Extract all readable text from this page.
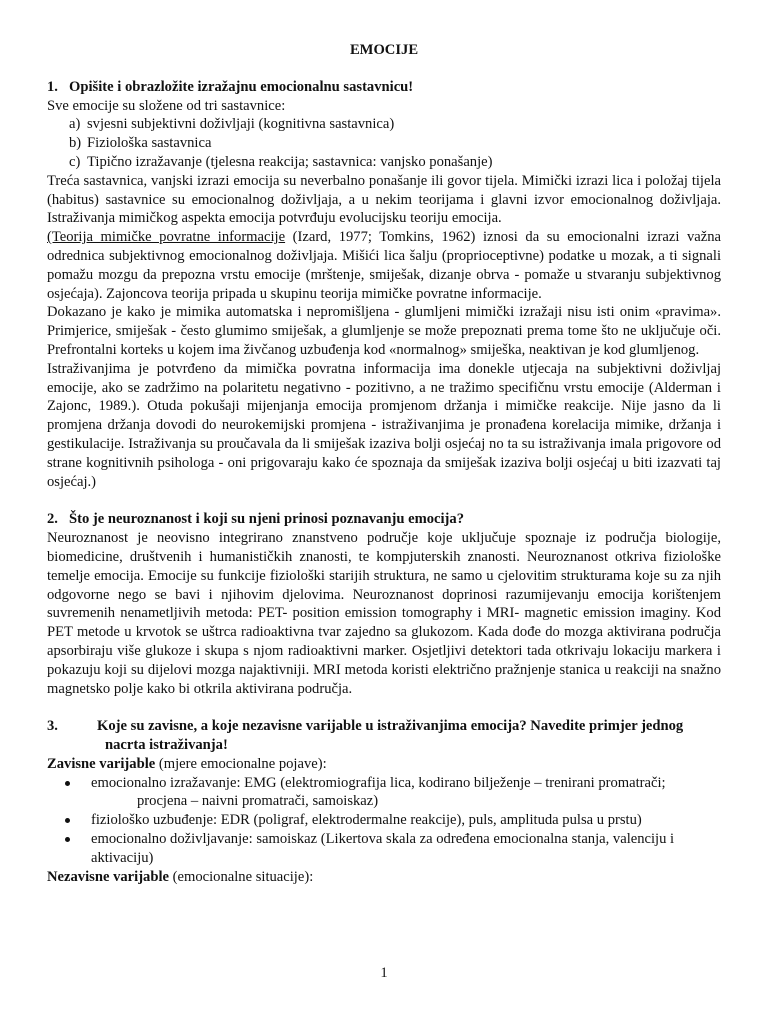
EMOCIJE
1. Opišite i obrazložite izražajnu emocionalnu sastavnicu!

Sve emocije su složene od tri sastavnice:

a) svjesni subjektivni doživljaji (kognitivna sastavnica)
b) Fiziološka sastavnica
c) Tipično izražavanje (tjelesna reakcija; sastavnica: vanjsko ponašanje)

Treća sastavnica, vanjski izrazi emocija su neverbalno ponašanje ili govor tijela. Mimički izrazi lica i položaj tijela (habitus) sastavnice su emocionalnog doživljaja, a u nekim teorijama i glavni izvor emocionalnog doživljaja. Istraživanja mimičkog aspekta emocija potvrđuju evolucijsku teoriju emocija.

(Teorija mimičke povratne informacije (Izard, 1977; Tomkins, 1962) iznosi da su emocionalni izrazi važna odrednica subjektivnog emocionalnog doživljaja. Mišići lica šalju (proprioceptivne) podatke u mozak, a ti signali pomažu mozgu da prepozna vrstu emocije (mrštenje, smiješak, dizanje obrva - pomaže u stvaranju subjektivnog osjećaja). Zajoncova teorija pripada u skupinu teorija mimičke povratne informacije.

Dokazano je kako je mimika automatska i nepromišljena - glumljeni mimički izražaji nisu isti onim «pravima». Primjerice, smiješak - često glumimo smiješak, a glumljenje se može prepoznati prema tome što ne uključuje oči. Prefrontalni korteks u kojem ima živčanog uzbuđenja kod «normalnog» smiješka, neaktivan je kod glumljenog.

Istraživanjima je potvrđeno da mimička povratna informacija ima donekle utjecaja na subjektivni doživljaj emocije, ako se zadržimo na polaritetu negativno - pozitivno, a ne tražimo specifičnu vrstu emocije (Alderman i Zajonc, 1989.). Otuda pokušaji mijenjanja emocija promjenom držanja i mimičke reakcije. Nije jasno da li promjena držanja dovodi do neurokemijski promjena - istraživanjima je pronađena korelacija mimike, držanja i gestikulacije. Istraživanja su proučavala da li smiješak izaziva bolji osjećaj no ta su istraživanja imala prigovore od strane kognitivnih psihologa - oni prigovaraju kako će spoznaja da smiješak izaziva bolji osjećaj u biti izazvati taj osjećaj.)

2. Što je neuroznanost i koji su njeni prinosi poznavanju emocija?

Neuroznanost je neovisno integrirano znanstveno područje koje uključuje spoznaje iz područja biologije, biomedicine, društvenih i humanističkih znanosti, te kompjuterskih znanosti. Neuroznanost otkriva fiziološke temelje emocija. Emocije su funkcije fiziološki starijih struktura, ne samo u cjelovitim strukturama koje su za njih odgovorne nego se bavi i njihovim djelovima. Neuroznanost doprinosi razumijevanju emocija korištenjem suvremenih nenametljivih metoda: PET- position emission tomography i MRI- magnetic emission imaginy. Kod PET metode u krvotok se uštrca radioaktivna tvar zajedno sa glukozom. Kada dođe do mozga aktivirana područja apsorbiraju više glukoze i skupa s njom radioaktivni marker. Osjetljivi detektori tada otkrivaju lokaciju markera i pokazuju koji su dijelovi mozga najaktivniji. MRI metoda koristi električno pražnjenje stanica u reakciji na snažno magnetsko polje kako bi otkrila aktivirana područja.

3.	Koje su zavisne, a koje nezavisne varijable u istraživanjima emocija? Navedite primjer jednog
nacrta istraživanja!

Zavisne varijable (mjere emocionalne pojave):

emocionalno izražavanje: EMG (elektromiografija lica, kodirano bilježenje – trenirani promatrači;
procjena – naivni promatrači, samoiskaz)
fiziološko uzbuđenje: EDR (poligraf, elektrodermalne reakcije), puls, amplituda pulsa u prstu)
emocionalno doživljavanje: samoiskaz (Likertova skala za određena emocionalna stanja, valenciju i
aktivaciju)

Nezavisne varijable (emocionalne situacije):

1
